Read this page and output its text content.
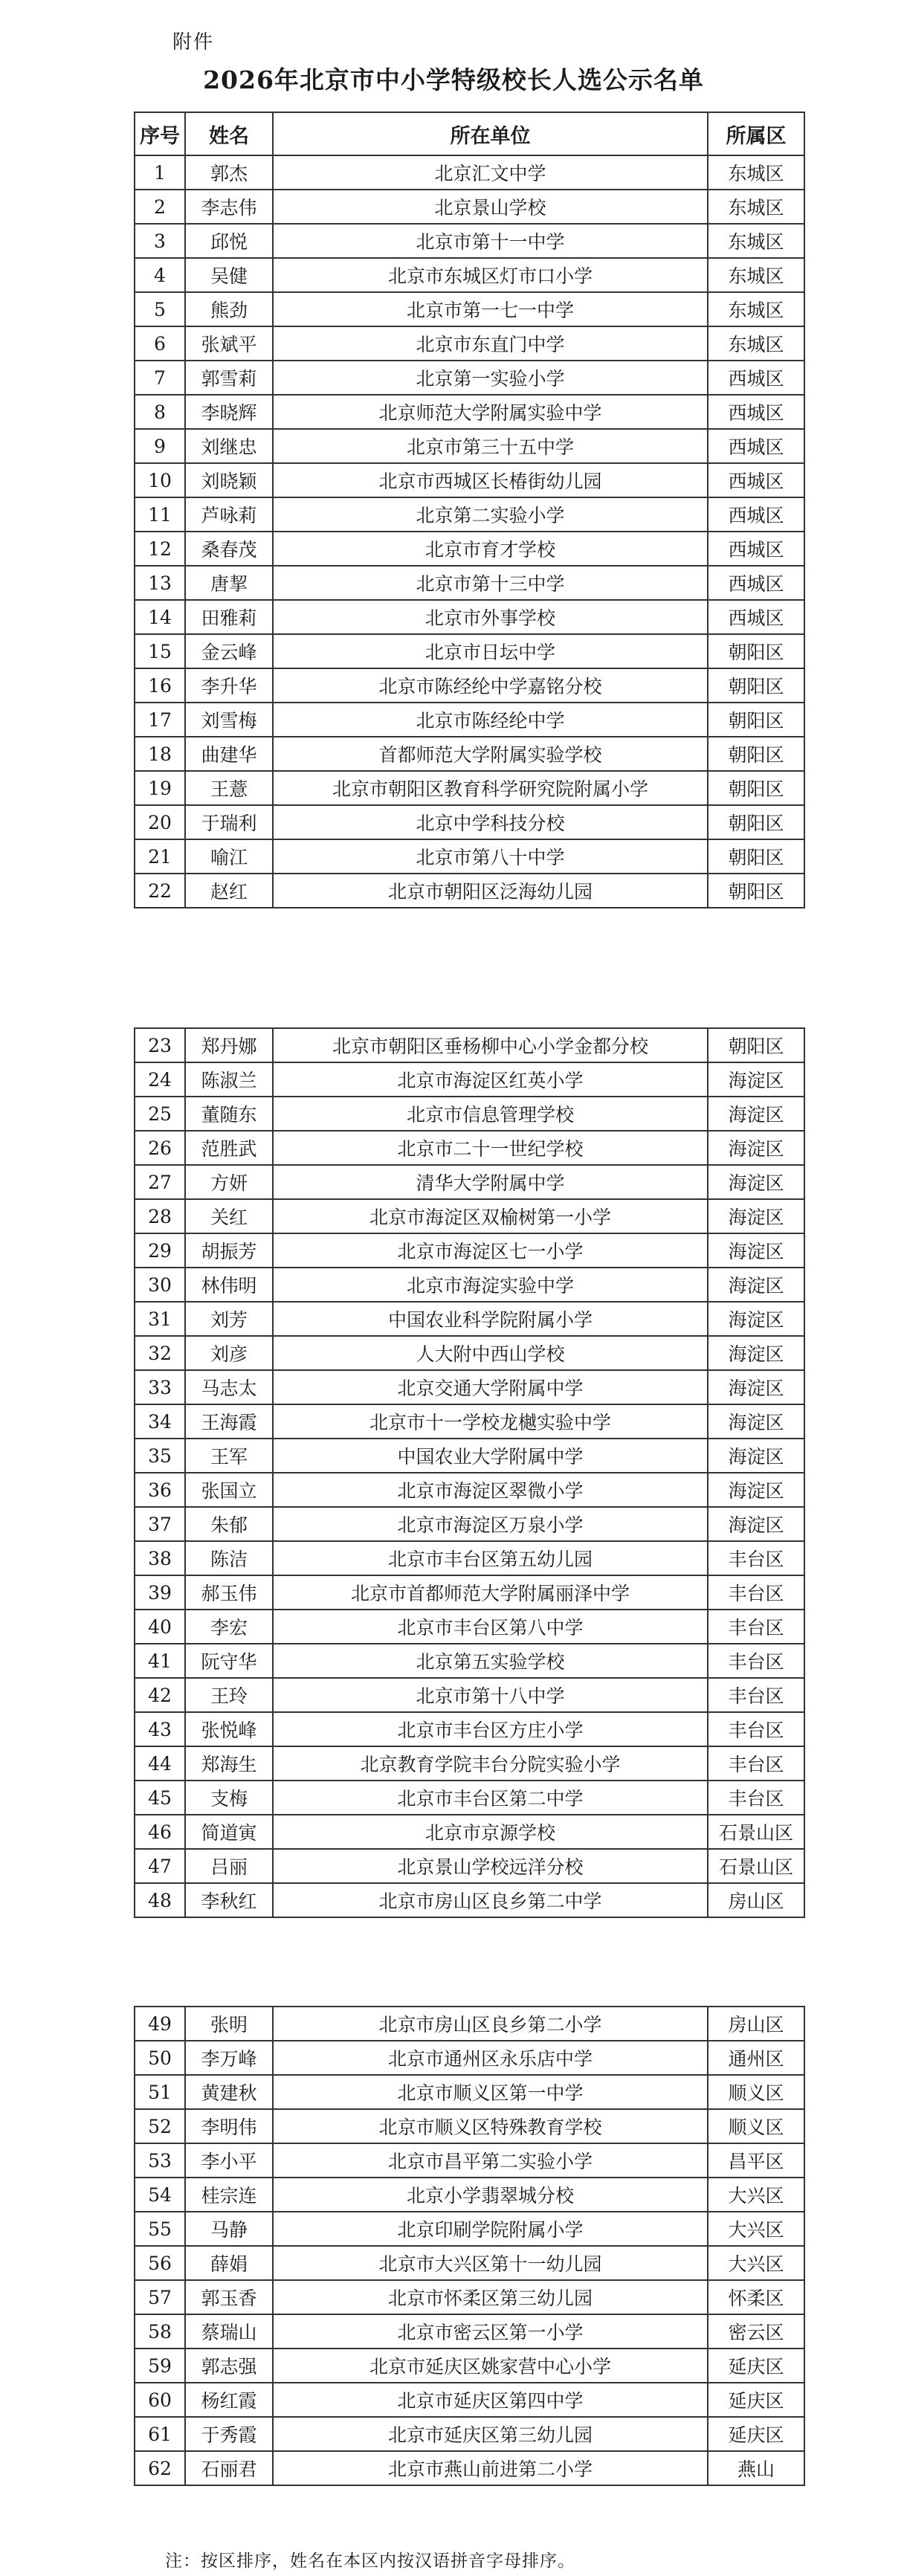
附件
2026年北京市中小学特级校长人选公示名单
序号	姓名	所在单位	所属区
1	郭杰	北京汇文中学	东城区
2	李志伟	北京景山学校	东城区
3	邱悦	北京市第十一中学	东城区
4	吴健	北京市东城区灯市口小学	东城区
5	熊劲	北京市第一七一中学	东城区
6	张斌平	北京市东直门中学	东城区
7	郭雪莉	北京第一实验小学	西城区
8	李晓辉	北京师范大学附属实验中学	西城区
9	刘继忠	北京市第三十五中学	西城区
10	刘晓颖	北京市西城区长椿街幼儿园	西城区
11	芦咏莉	北京第二实验小学	西城区
12	桑春茂	北京市育才学校	西城区
13	唐挈	北京市第十三中学	西城区
14	田雅莉	北京市外事学校	西城区
15	金云峰	北京市日坛中学	朝阳区
16	李升华	北京市陈经纶中学嘉铭分校	朝阳区
17	刘雪梅	北京市陈经纶中学	朝阳区
18	曲建华	首都师范大学附属实验学校	朝阳区
19	王薏	北京市朝阳区教育科学研究院附属小学	朝阳区
20	于瑞利	北京中学科技分校	朝阳区
21	喻江	北京市第八十中学	朝阳区
22	赵红	北京市朝阳区泛海幼儿园	朝阳区
23	郑丹娜	北京市朝阳区垂杨柳中心小学金都分校	朝阳区
24	陈淑兰	北京市海淀区红英小学	海淀区
25	董随东	北京市信息管理学校	海淀区
26	范胜武	北京市二十一世纪学校	海淀区
27	方妍	清华大学附属中学	海淀区
28	关红	北京市海淀区双榆树第一小学	海淀区
29	胡振芳	北京市海淀区七一小学	海淀区
30	林伟明	北京市海淀实验中学	海淀区
31	刘芳	中国农业科学院附属小学	海淀区
32	刘彦	人大附中西山学校	海淀区
33	马志太	北京交通大学附属中学	海淀区
34	王海霞	北京市十一学校龙樾实验中学	海淀区
35	王军	中国农业大学附属中学	海淀区
36	张国立	北京市海淀区翠微小学	海淀区
37	朱郁	北京市海淀区万泉小学	海淀区
38	陈洁	北京市丰台区第五幼儿园	丰台区
39	郝玉伟	北京市首都师范大学附属丽泽中学	丰台区
40	李宏	北京市丰台区第八中学	丰台区
41	阮守华	北京第五实验学校	丰台区
42	王玲	北京市第十八中学	丰台区
43	张悦峰	北京市丰台区方庄小学	丰台区
44	郑海生	北京教育学院丰台分院实验小学	丰台区
45	支梅	北京市丰台区第二中学	丰台区
46	简道寅	北京市京源学校	石景山区
47	吕丽	北京景山学校远洋分校	石景山区
48	李秋红	北京市房山区良乡第二中学	房山区
49	张明	北京市房山区良乡第二小学	房山区
50	李万峰	北京市通州区永乐店中学	通州区
51	黄建秋	北京市顺义区第一中学	顺义区
52	李明伟	北京市顺义区特殊教育学校	顺义区
53	李小平	北京市昌平第二实验小学	昌平区
54	桂宗连	北京小学翡翠城分校	大兴区
55	马静	北京印刷学院附属小学	大兴区
56	薛娟	北京市大兴区第十一幼儿园	大兴区
57	郭玉香	北京市怀柔区第三幼儿园	怀柔区
58	蔡瑞山	北京市密云区第一小学	密云区
59	郭志强	北京市延庆区姚家营中心小学	延庆区
60	杨红霞	北京市延庆区第四中学	延庆区
61	于秀霞	北京市延庆区第三幼儿园	延庆区
62	石丽君	北京市燕山前进第二小学	燕山
注：按区排序，姓名在本区内按汉语拼音字母排序。
